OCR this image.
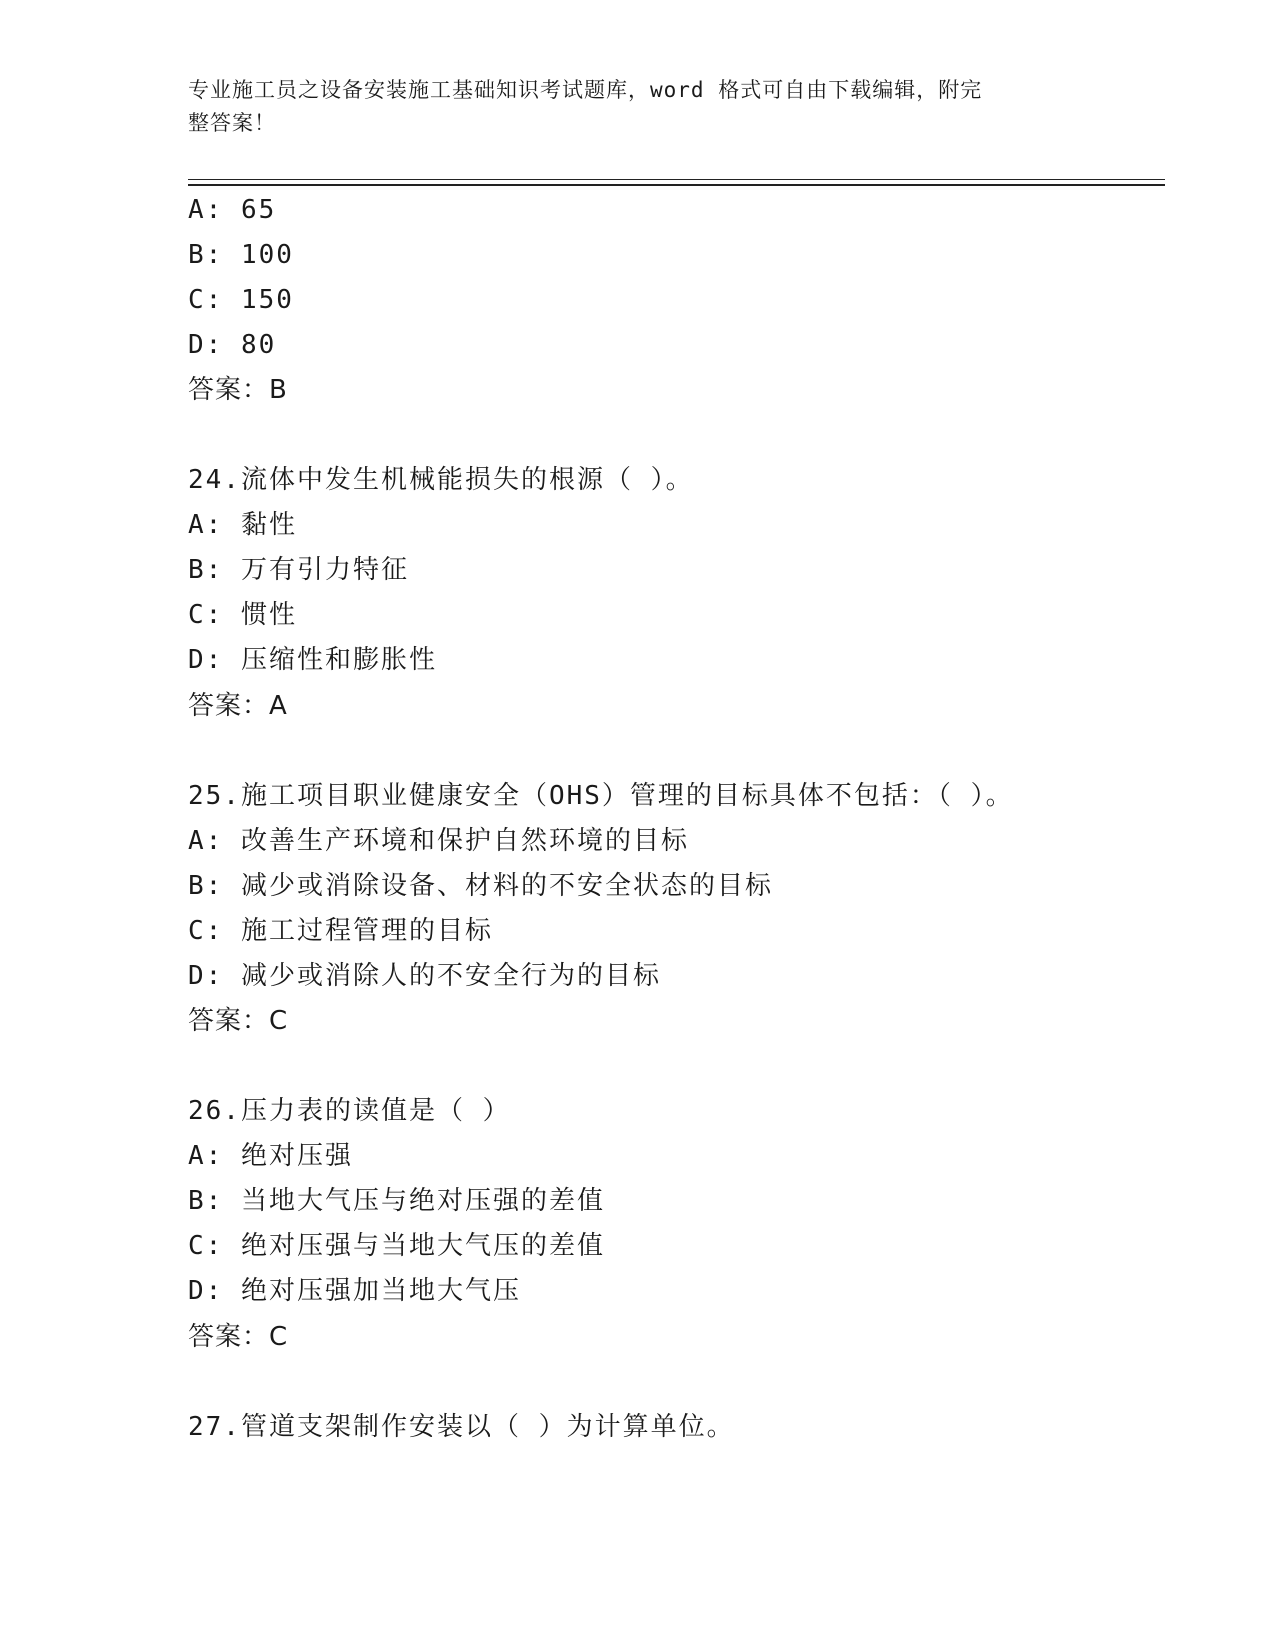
专业施工员之设备安装施工基础知识考试题库，word 格式可自由下载编辑，附完
整答案！
A: 65
B: 100
C: 150
D: 80
答案：B
24.流体中发生机械能损失的根源（ ）。
A: 黏性
B: 万有引力特征
C: 惯性
D: 压缩性和膨胀性
答案：A
25.施工项目职业健康安全（OHS）管理的目标具体不包括：（ ）。
A: 改善生产环境和保护自然环境的目标
B: 减少或消除设备、材料的不安全状态的目标
C: 施工过程管理的目标
D: 减少或消除人的不安全行为的目标
答案：C
26.压力表的读值是（ ）
A: 绝对压强
B: 当地大气压与绝对压强的差值
C: 绝对压强与当地大气压的差值
D: 绝对压强加当地大气压
答案：C
27.管道支架制作安装以（ ）为计算单位。
